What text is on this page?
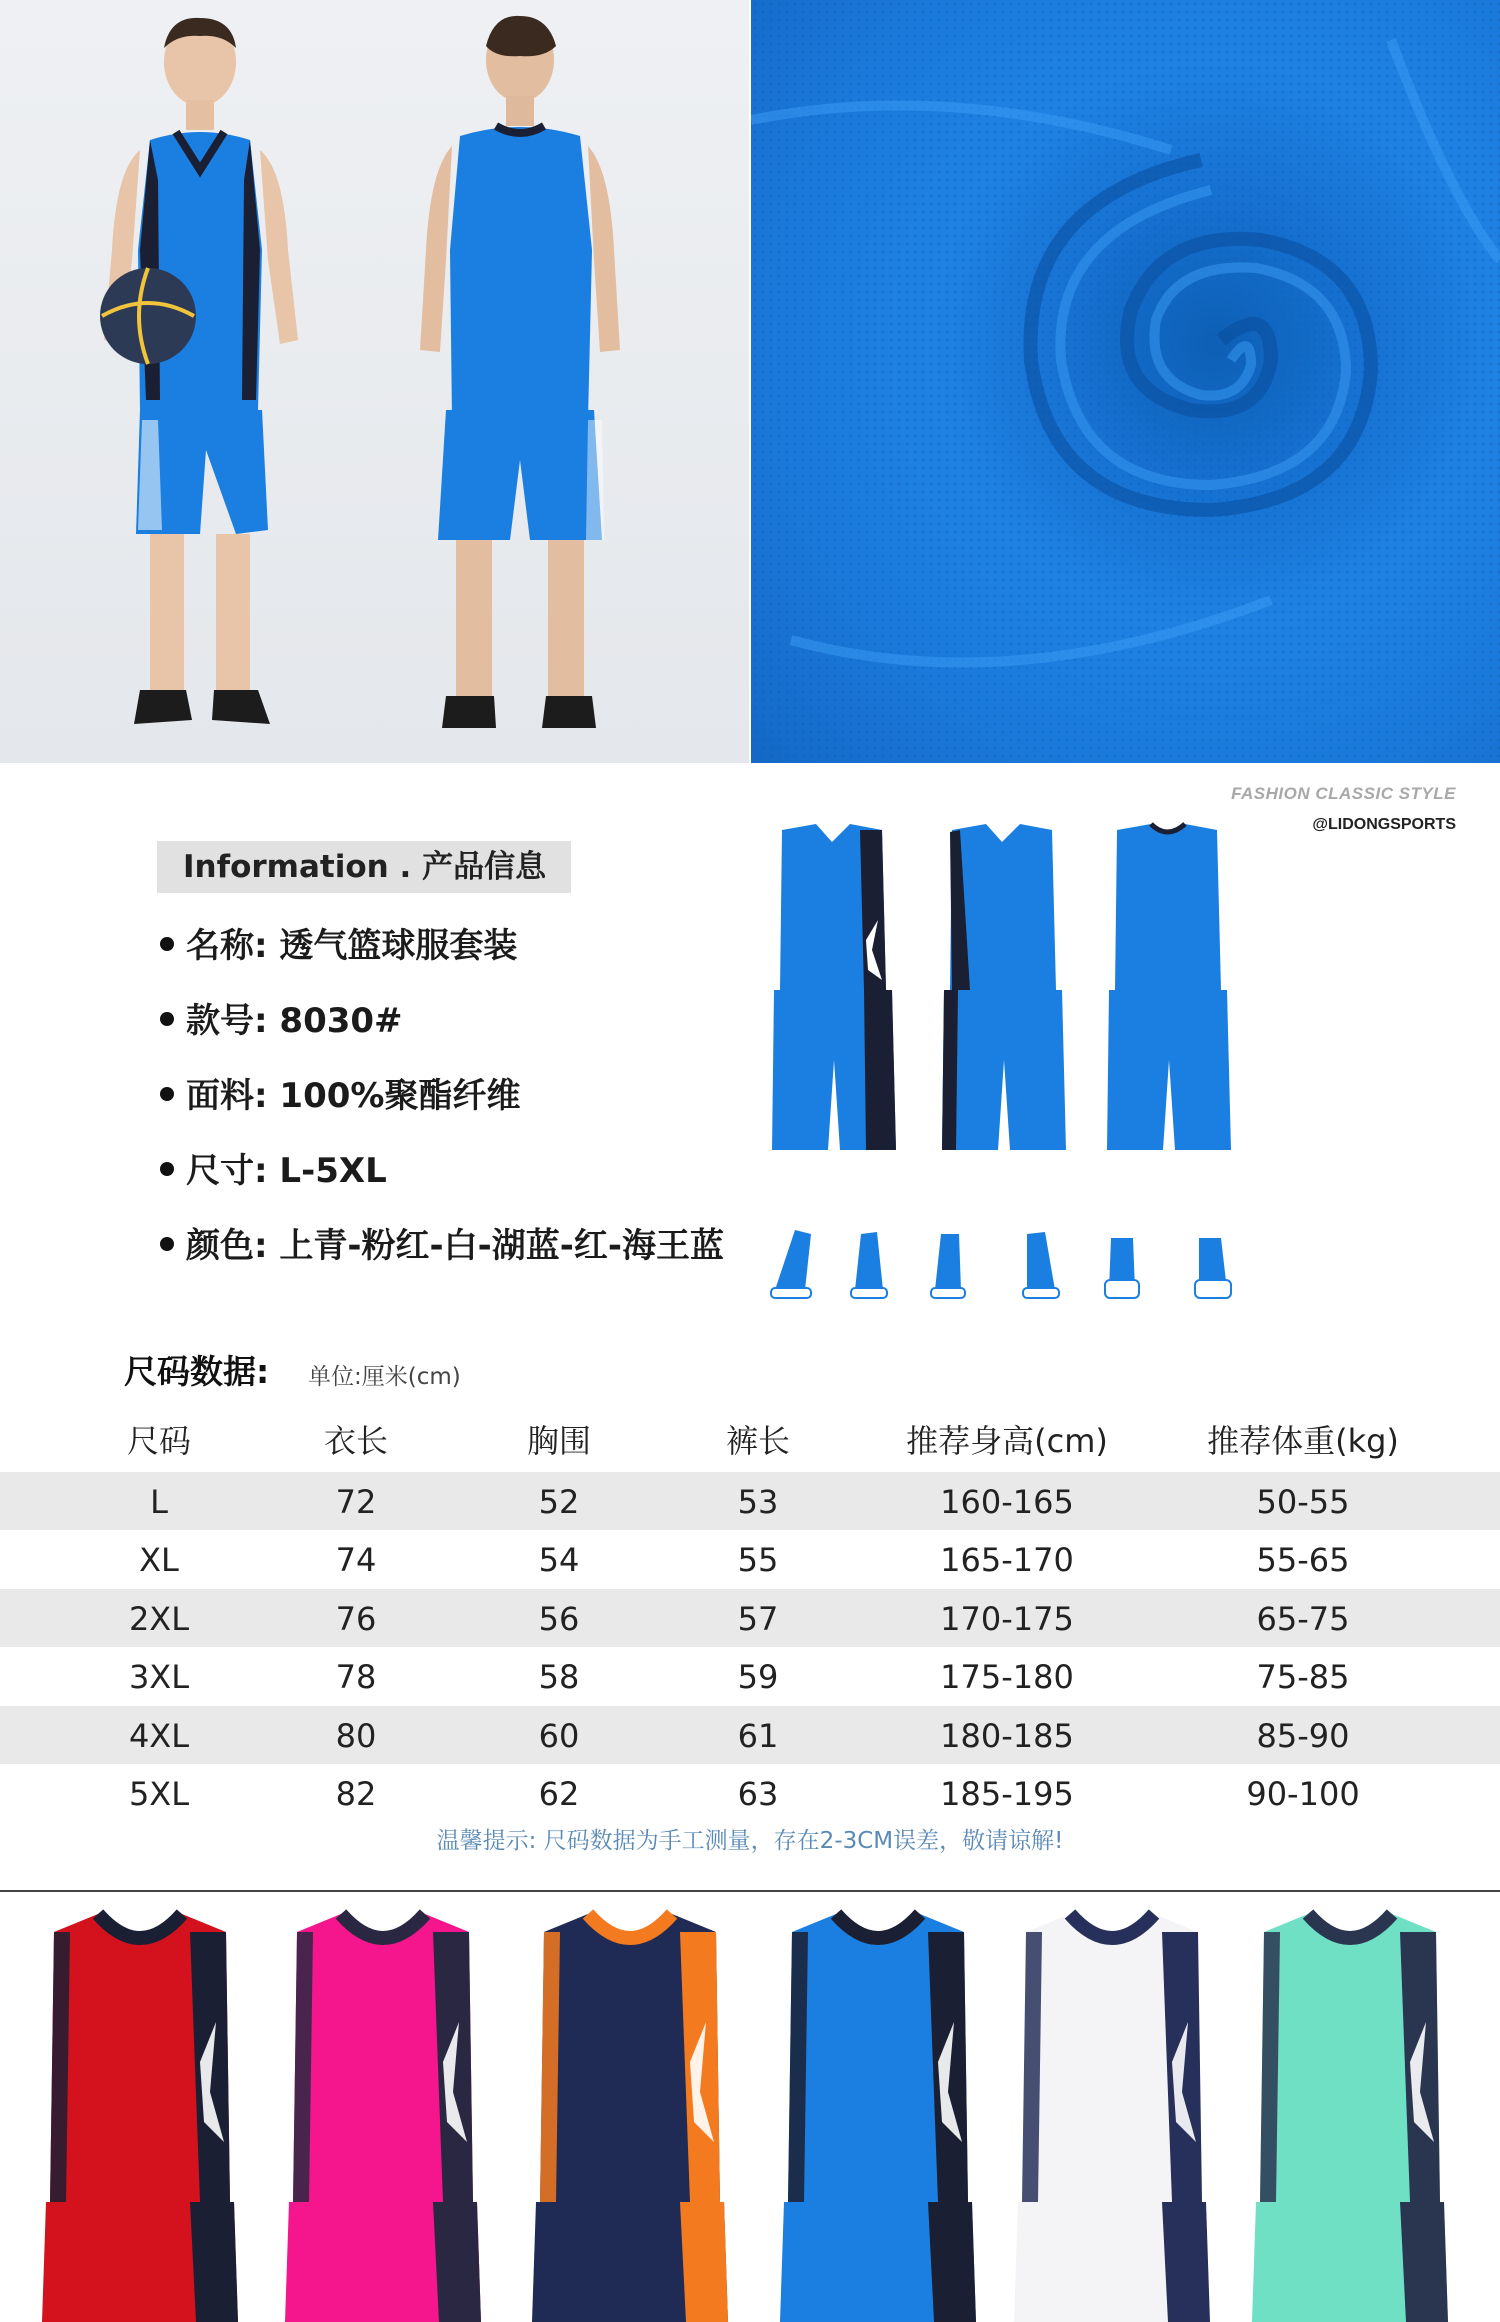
FASHION CLASSIC STYLE
@LIDONGSPORTS
Information . 产品信息
名称: 透气篮球服套装
款号: 8030#
面料: 100%聚酯纤维
尺寸: L-5XL
颜色: 上青-粉红-白-湖蓝-红-海王蓝
尺码数据: 单位:厘米(cm)
尺码	衣长	胸围	裤长	推荐身高(cm)	推荐体重(kg)
L	72	52	53	160-165	50-55
XL	74	54	55	165-170	55-65
2XL	76	56	57	170-175	65-75
3XL	78	58	59	175-180	75-85
4XL	80	60	61	180-185	85-90
5XL	82	62	63	185-195	90-100
温馨提示: 尺码数据为手工测量，存在2-3CM误差，敬请谅解!
